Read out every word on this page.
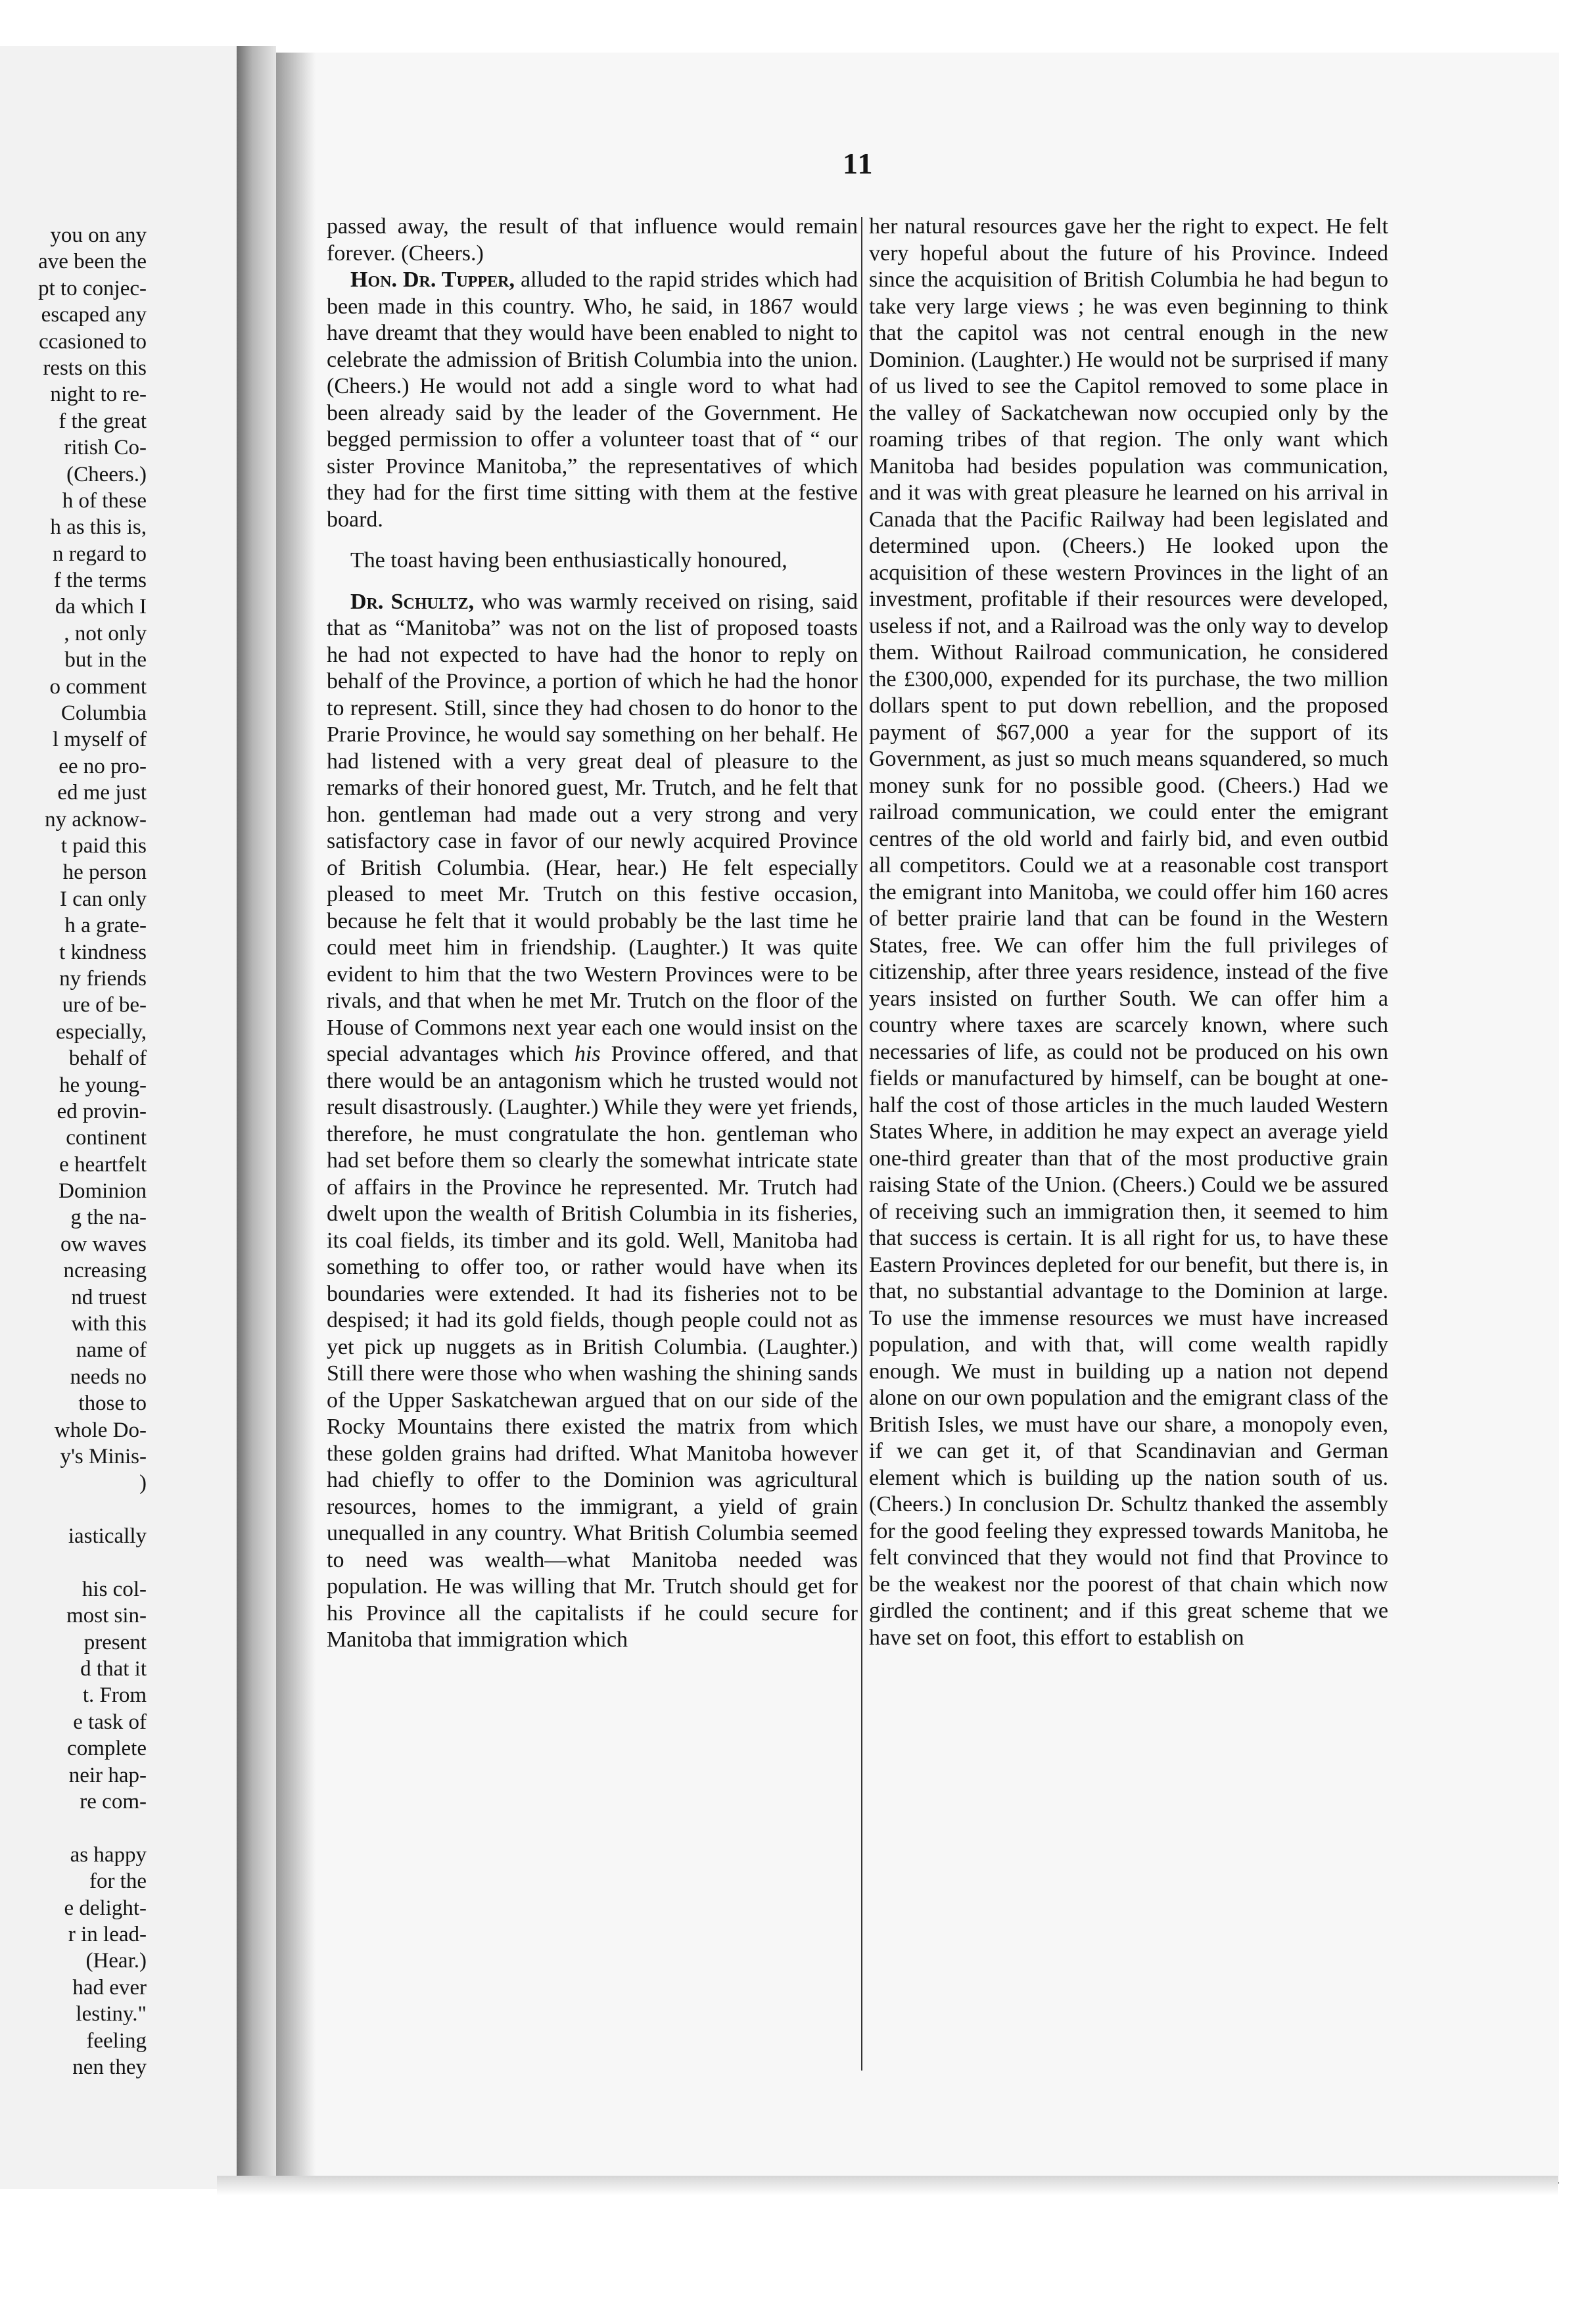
you on any
ave been the
pt to conjec-
escaped any
ccasioned to
rests on this
night to re-
f the great
ritish Co-
(Cheers.)
h of these
h as this is,
n regard to
f the terms
da which I
, not only
but in the
o comment
Columbia
l myself of
ee no pro-
ed me just
ny acknow-
t paid this
he person
I can only
h a grate-
t kindness
ny friends
ure of be-
especially,
behalf of
he young-
ed provin-
continent
e heartfelt
Dominion
g the na-
ow waves
ncreasing
nd truest
with this
name of
needs no
those to
whole Do-
y's Minis-
)
iastically
his col-
most sin-
present
d that it
t. From
e task of
complete
neir hap-
re com-
as happy
for the
e delight-
r in lead-
(Hear.)
had ever
lestiny."
feeling
nen they
11

passed away, the result of that influence would remain forever. (Cheers.)

Hon. Dr. Tupper, alluded to the rapid strides which had been made in this country. Who, he said, in 1867 would have dreamt that they would have been enabled to night to celebrate the admission of British Columbia into the union. (Cheers.) He would not add a single word to what had been already said by the leader of the Government. He begged permission to offer a volunteer toast that of “ our sister Province Manitoba,” the representatives of which they had for the first time sitting with them at the festive board.

The toast having been enthusiastically honoured,

Dr. Schultz, who was warmly received on rising, said that as “Manitoba” was not on the list of proposed toasts he had not expected to have had the honor to reply on behalf of the Province, a portion of which he had the honor to represent. Still, since they had chosen to do honor to the Prarie Province, he would say something on her behalf. He had listened with a very great deal of pleasure to the remarks of their honored guest, Mr. Trutch, and he felt that hon. gentleman had made out a very strong and very satisfactory case in favor of our newly acquired Province of British Columbia. (Hear, hear.) He felt especially pleased to meet Mr. Trutch on this festive occasion, because he felt that it would probably be the last time he could meet him in friendship. (Laughter.) It was quite evident to him that the two Western Provinces were to be rivals, and that when he met Mr. Trutch on the floor of the House of Commons next year each one would insist on the special advantages which his Province offered, and that there would be an antagonism which he trusted would not result disastrously. (Laughter.) While they were yet friends, therefore, he must congratulate the hon. gentleman who had set before them so clearly the somewhat intricate state of affairs in the Province he represented. Mr. Trutch had dwelt upon the wealth of British Columbia in its fisheries, its coal fields, its timber and its gold. Well, Manitoba had something to offer too, or rather would have when its boundaries were extended. It had its fisheries not to be despised; it had its gold fields, though people could not as yet pick up nuggets as in British Columbia. (Laughter.) Still there were those who when washing the shining sands of the Upper Saskatchewan argued that on our side of the Rocky Mountains there existed the matrix from which these golden grains had drifted. What Manitoba however had chiefly to offer to the Dominion was agricultural resources, homes to the immigrant, a yield of grain unequalled in any country. What British Columbia seemed to need was wealth—what Manitoba needed was population. He was willing that Mr. Trutch should get for his Province all the capitalists if he could secure for Manitoba that immigration which

her natural resources gave her the right to expect. He felt very hopeful about the future of his Province. Indeed since the acquisition of British Columbia he had begun to take very large views ; he was even beginning to think that the capitol was not central enough in the new Dominion. (Laughter.) He would not be surprised if many of us lived to see the Capitol removed to some place in the valley of Sackatchewan now occupied only by the roaming tribes of that region. The only want which Manitoba had besides population was communication, and it was with great pleasure he learned on his arrival in Canada that the Pacific Railway had been legislated and determined upon. (Cheers.) He looked upon the acquisition of these western Provinces in the light of an investment, profitable if their resources were developed, useless if not, and a Railroad was the only way to develop them. Without Railroad communication, he considered the £300,000, expended for its purchase, the two million dollars spent to put down rebellion, and the proposed payment of $67,000 a year for the support of its Government, as just so much means squandered, so much money sunk for no possible good. (Cheers.) Had we railroad communication, we could enter the emigrant centres of the old world and fairly bid, and even outbid all competitors. Could we at a reasonable cost transport the emigrant into Manitoba, we could offer him 160 acres of better prairie land that can be found in the Western States, free. We can offer him the full privileges of citizenship, after three years residence, instead of the five years insisted on further South. We can offer him a country where taxes are scarcely known, where such necessaries of life, as could not be produced on his own fields or manufactured by himself, can be bought at one-half the cost of those articles in the much lauded Western States Where, in addition he may expect an average yield one-third greater than that of the most productive grain raising State of the Union. (Cheers.) Could we be assured of receiving such an immigration then, it seemed to him that success is certain. It is all right for us, to have these Eastern Provinces depleted for our benefit, but there is, in that, no substantial advantage to the Dominion at large. To use the immense resources we must have increased population, and with that, will come wealth rapidly enough. We must in building up a nation not depend alone on our own population and the emigrant class of the British Isles, we must have our share, a monopoly even, if we can get it, of that Scandinavian and German element which is building up the nation south of us. (Cheers.) In conclusion Dr. Schultz thanked the assembly for the good feeling they expressed towards Manitoba, he felt convinced that they would not find that Province to be the weakest nor the poorest of that chain which now girdled the continent; and if this great scheme that we have set on foot, this effort to establish on
